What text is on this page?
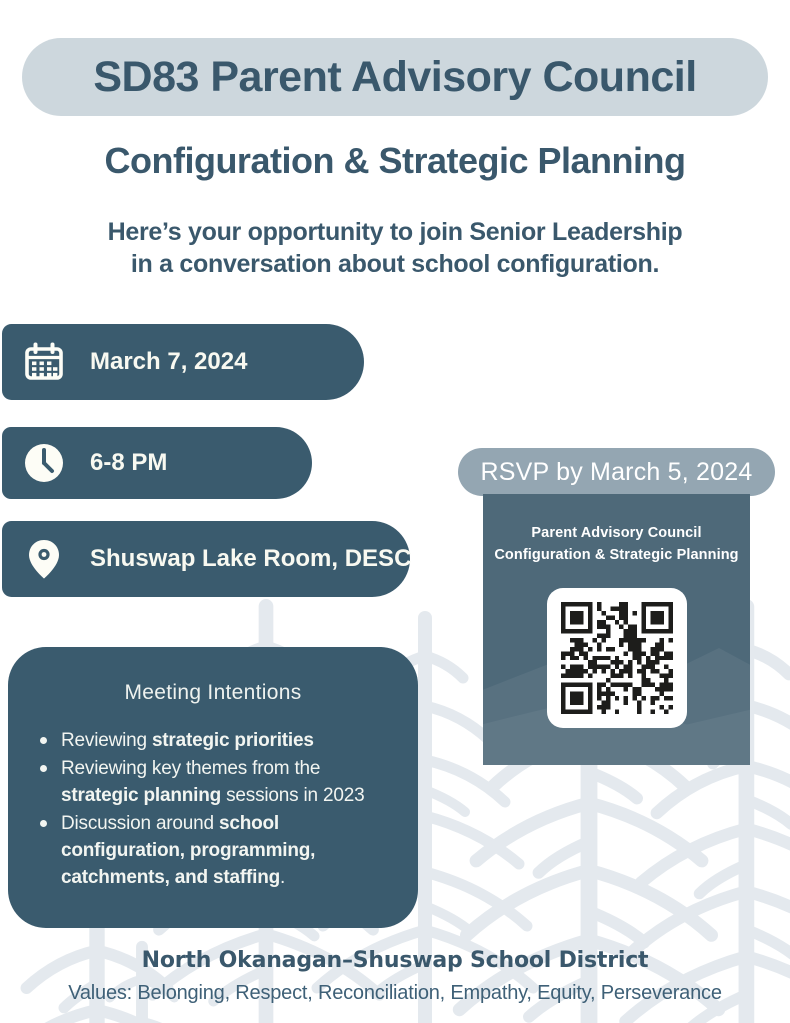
SD83 Parent Advisory Council
Configuration & Strategic Planning
Here’s your opportunity to join Senior Leadership
in a conversation about school configuration.
March 7, 2024
6-8 PM
Shuswap Lake Room, DESC
RSVP by March 5, 2024
Parent Advisory Council
Configuration & Strategic Planning
Meeting Intentions

Reviewing strategic priorities

Reviewing key themes from the
strategic planning sessions in 2023

Discussion around school
configuration, programming,
catchments, and staffing.

North Okanagan–Shuswap School District
Values: Belonging, Respect, Reconciliation, Empathy, Equity, Perseverance
